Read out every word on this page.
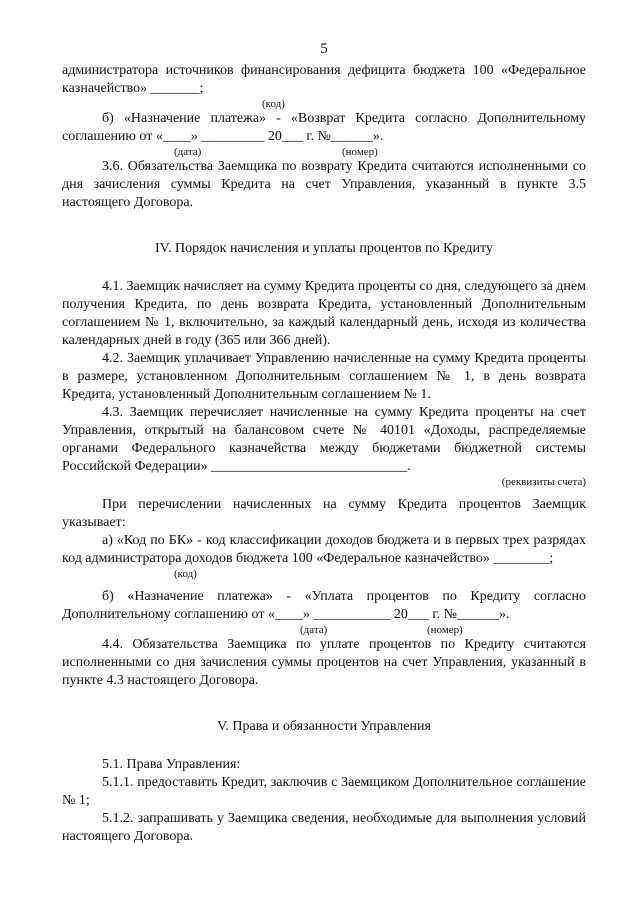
5

администратора источников финансирования дефицита бюджета 100 «Федеральное казначейство» _______;

(код)

б) «Назначение платежа» - «Возврат Кредита согласно Дополнительному соглашению от «____» _________ 20___ г. №______».

(дата)	(номер)

3.6. Обязательства Заемщика по возврату Кредита считаются исполненными со дня зачисления суммы Кредита на счет Управления, указанный в пункте 3.5 настоящего Договора.

IV. Порядок начисления и уплаты процентов по Кредиту

4.1. Заемщик начисляет на сумму Кредита проценты со дня, следующего за днем получения Кредита, по день возврата Кредита, установленный Дополнительным соглашением № 1, включительно, за каждый календарный день, исходя из количества календарных дней в году (365 или 366 дней).

4.2. Заемщик уплачивает Управлению начисленные на сумму Кредита проценты в размере, установленном Дополнительным соглашением № 1, в день возврата Кредита, установленный Дополнительным соглашением № 1.

4.3. Заемщик перечисляет начисленные на сумму Кредита проценты на счет Управления, открытый на балансовом счете № 40101 «Доходы, распределяемые органами Федерального казначейства между бюджетами бюджетной системы Российской Федерации» ____________________________.

(реквизиты счета)

При перечислении начисленных на сумму Кредита процентов Заемщик указывает:

а) «Код по БК» - код классификации доходов бюджета и в первых трех разрядах код администратора доходов бюджета 100 «Федеральное казначейство» ________;

(код)

б) «Назначение платежа» - «Уплата процентов по Кредиту согласно Дополнительному соглашению от «____» ___________ 20___ г. №______».

(дата)	(номер)

4.4. Обязательства Заемщика по уплате процентов по Кредиту считаются исполненными со дня зачисления суммы процентов на счет Управления, указанный в пункте 4.3 настоящего Договора.

V. Права и обязанности Управления

5.1. Права Управления:

5.1.1. предоставить Кредит, заключив с Заемщиком Дополнительное соглашение № 1;

5.1.2. запрашивать у Заемщика сведения, необходимые для выполнения условий настоящего Договора.
